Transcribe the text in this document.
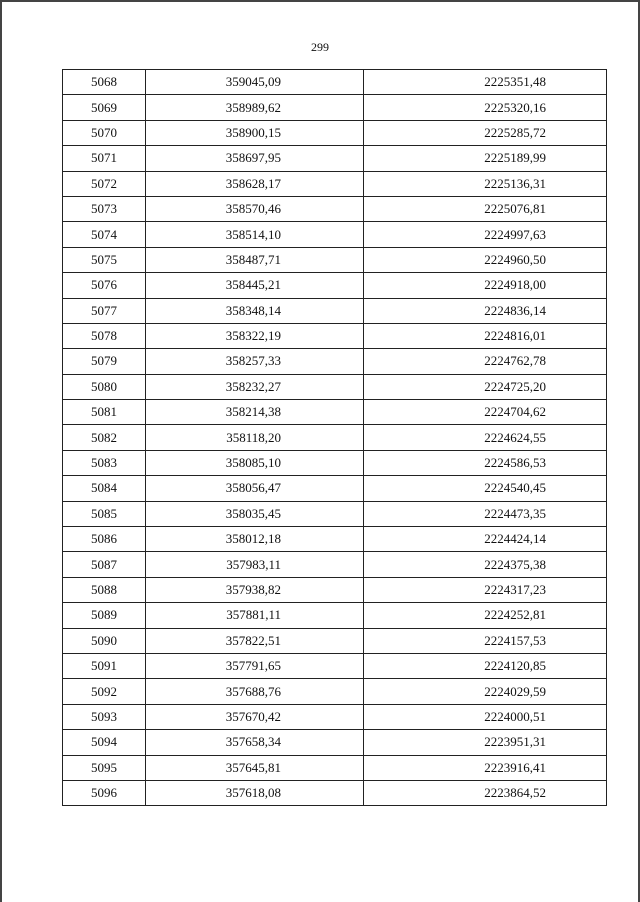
299
5068	359045,09	2225351,48
5069	358989,62	2225320,16
5070	358900,15	2225285,72
5071	358697,95	2225189,99
5072	358628,17	2225136,31
5073	358570,46	2225076,81
5074	358514,10	2224997,63
5075	358487,71	2224960,50
5076	358445,21	2224918,00
5077	358348,14	2224836,14
5078	358322,19	2224816,01
5079	358257,33	2224762,78
5080	358232,27	2224725,20
5081	358214,38	2224704,62
5082	358118,20	2224624,55
5083	358085,10	2224586,53
5084	358056,47	2224540,45
5085	358035,45	2224473,35
5086	358012,18	2224424,14
5087	357983,11	2224375,38
5088	357938,82	2224317,23
5089	357881,11	2224252,81
5090	357822,51	2224157,53
5091	357791,65	2224120,85
5092	357688,76	2224029,59
5093	357670,42	2224000,51
5094	357658,34	2223951,31
5095	357645,81	2223916,41
5096	357618,08	2223864,52
